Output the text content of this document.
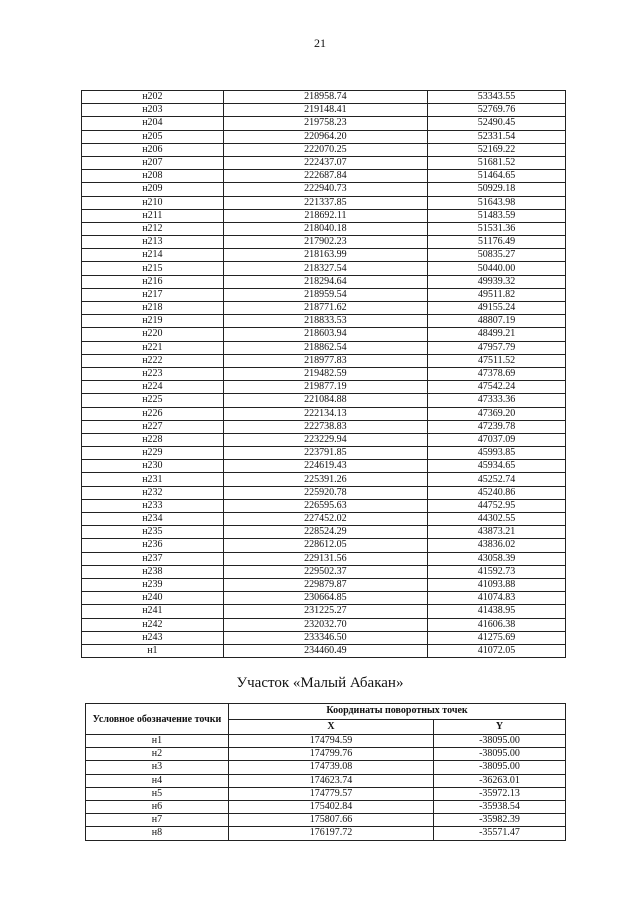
21
н202	218958.74	53343.55
н203	219148.41	52769.76
н204	219758.23	52490.45
н205	220964.20	52331.54
н206	222070.25	52169.22
н207	222437.07	51681.52
н208	222687.84	51464.65
н209	222940.73	50929.18
н210	221337.85	51643.98
н211	218692.11	51483.59
н212	218040.18	51531.36
н213	217902.23	51176.49
н214	218163.99	50835.27
н215	218327.54	50440.00
н216	218294.64	49939.32
н217	218959.54	49511.82
н218	218771.62	49155.24
н219	218833.53	48807.19
н220	218603.94	48499.21
н221	218862.54	47957.79
н222	218977.83	47511.52
н223	219482.59	47378.69
н224	219877.19	47542.24
н225	221084.88	47333.36
н226	222134.13	47369.20
н227	222738.83	47239.78
н228	223229.94	47037.09
н229	223791.85	45993.85
н230	224619.43	45934.65
н231	225391.26	45252.74
н232	225920.78	45240.86
н233	226595.63	44752.95
н234	227452.02	44302.55
н235	228524.29	43873.21
н236	228612.05	43836.02
н237	229131.56	43058.39
н238	229502.37	41592.73
н239	229879.87	41093.88
н240	230664.85	41074.83
н241	231225.27	41438.95
н242	232032.70	41606.38
н243	233346.50	41275.69
н1	234460.49	41072.05
Участок «Малый Абакан»
Условное обозначение точки	Координаты поворотных точек	
	X	Y
н1	174794.59	-38095.00
н2	174799.76	-38095.00
н3	174739.08	-38095.00
н4	174623.74	-36263.01
н5	174779.57	-35972.13
н6	175402.84	-35938.54
н7	175807.66	-35982.39
н8	176197.72	-35571.47
